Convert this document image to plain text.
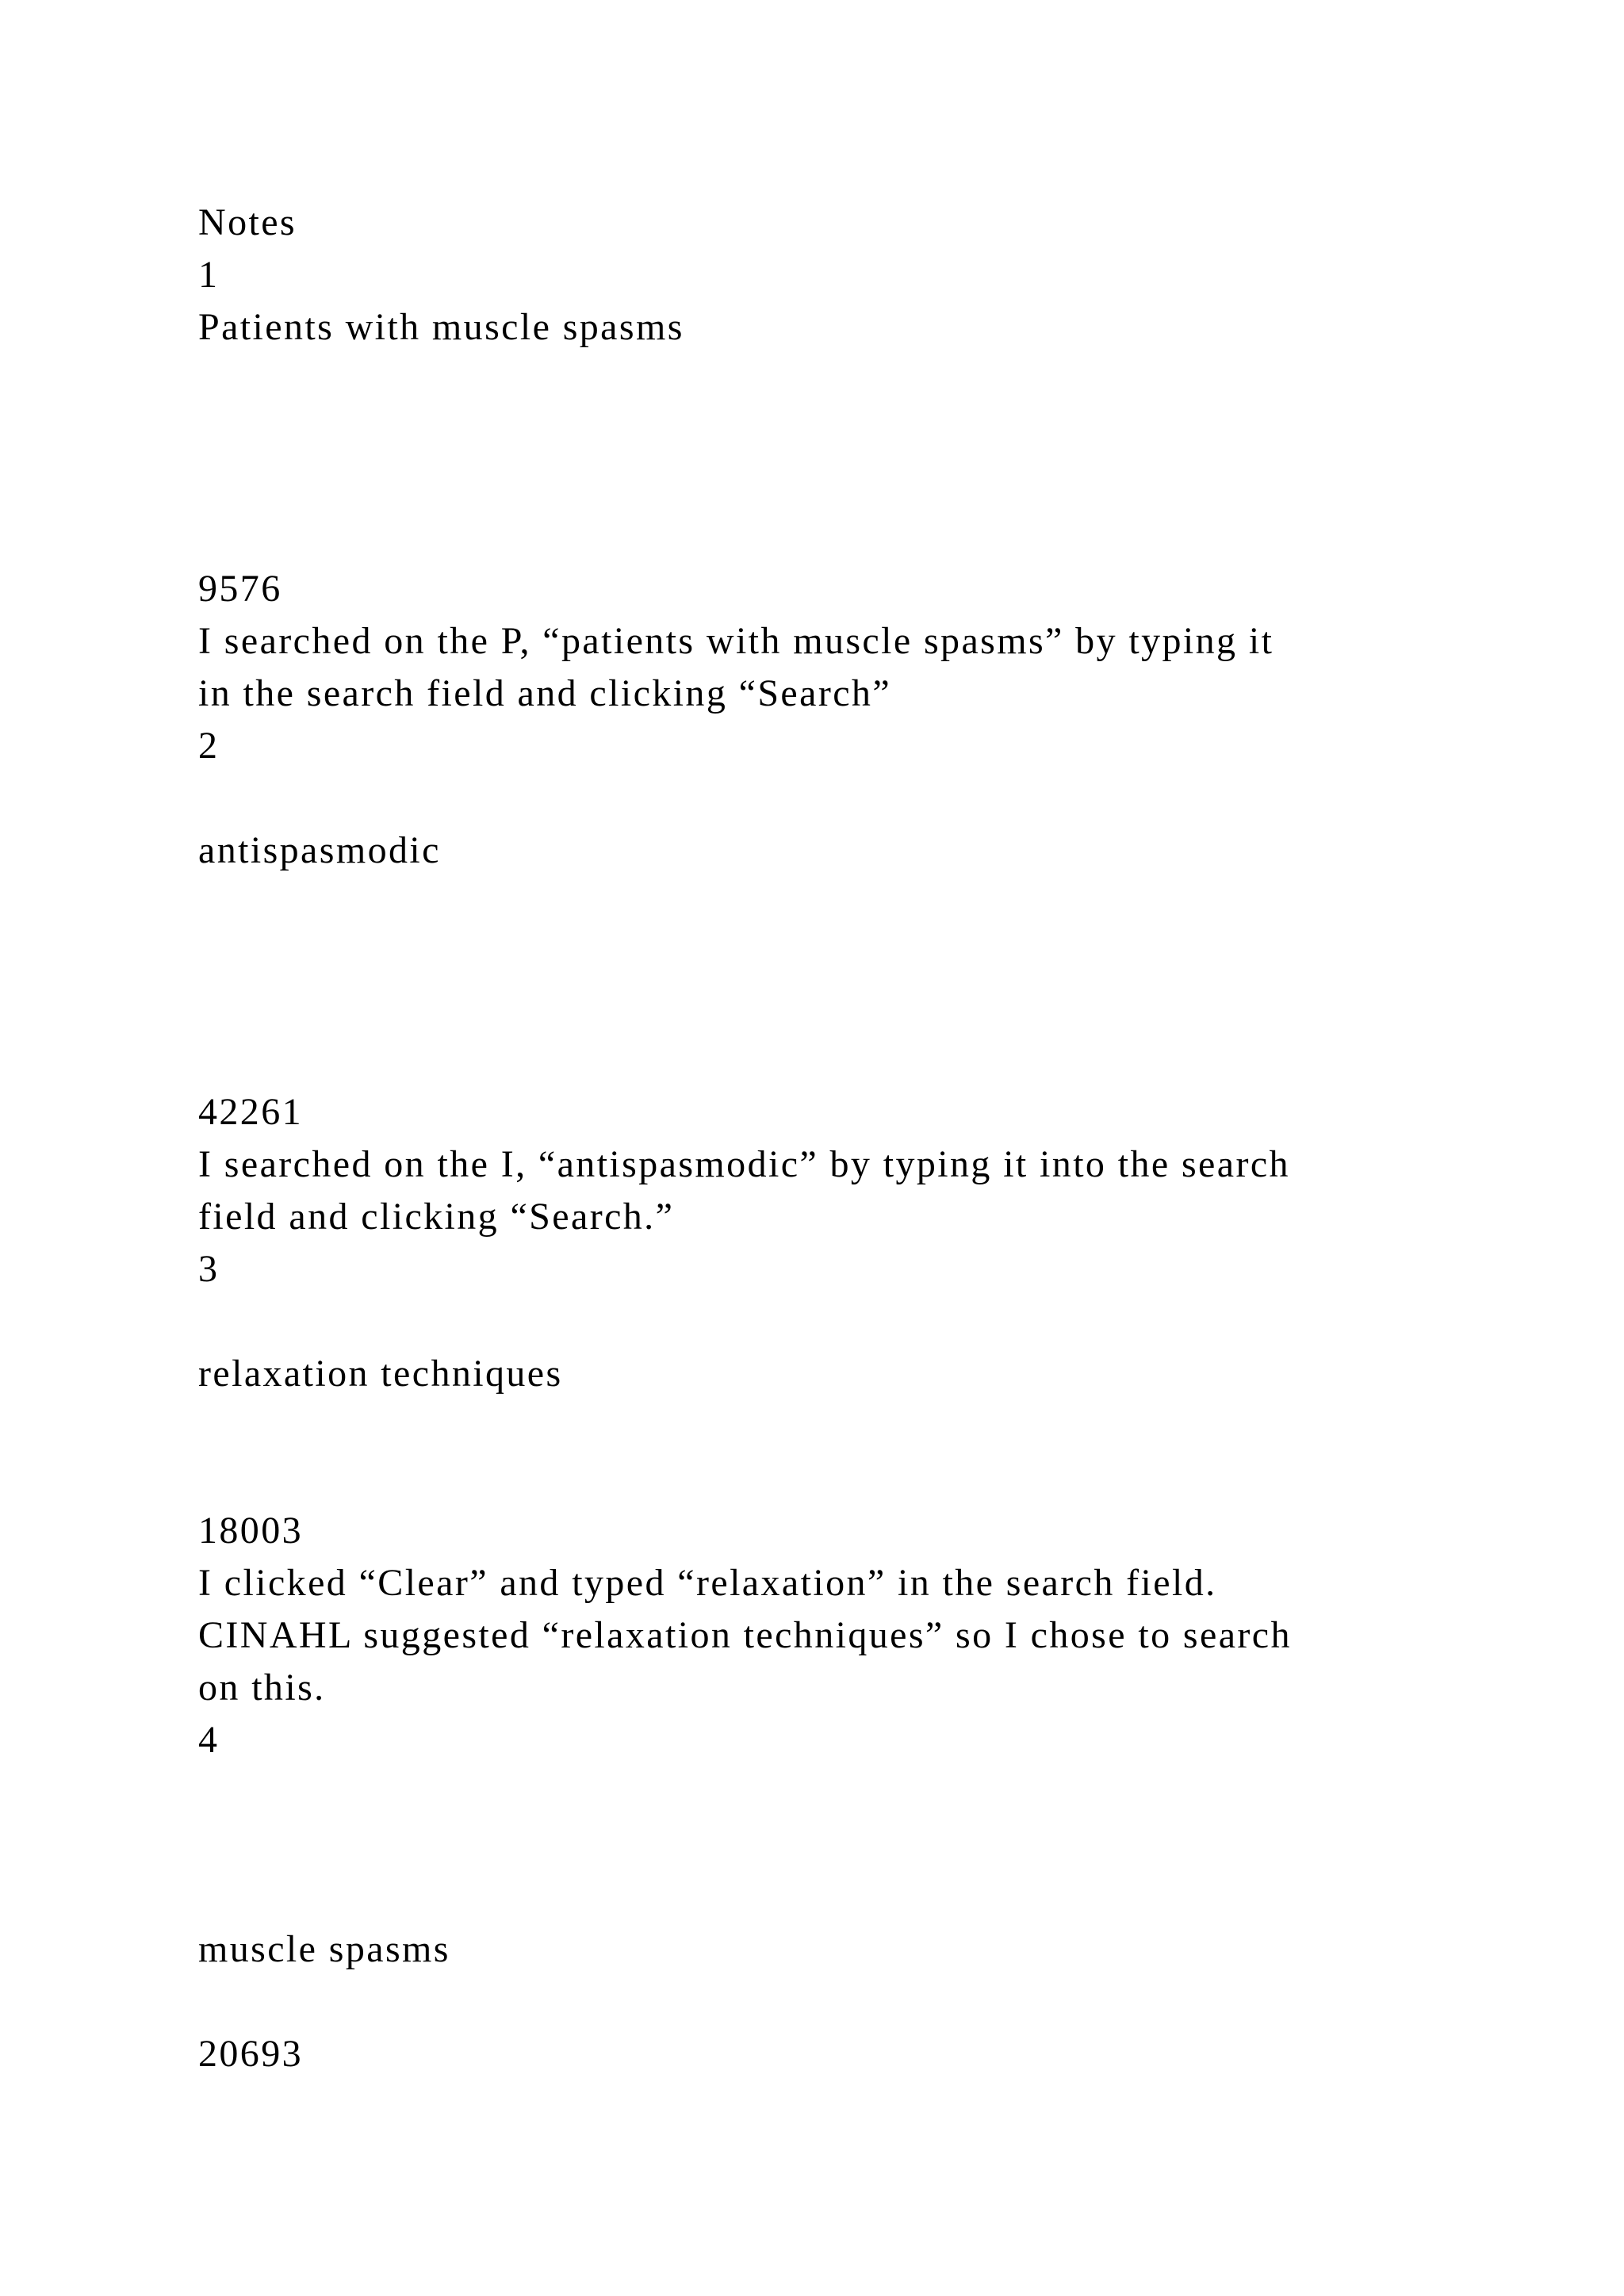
Notes

1

Patients with muscle spasms

9576

I searched on the P, “patients with muscle spasms” by typing it

in the search field and clicking “Search”

2

antispasmodic

42261

I searched on the I, “antispasmodic” by typing it into the search

field and clicking “Search.”

3

relaxation techniques

18003

I clicked “Clear” and typed “relaxation” in the search field.

CINAHL suggested “relaxation techniques” so I chose to search

on this.

4

muscle spasms

20693
